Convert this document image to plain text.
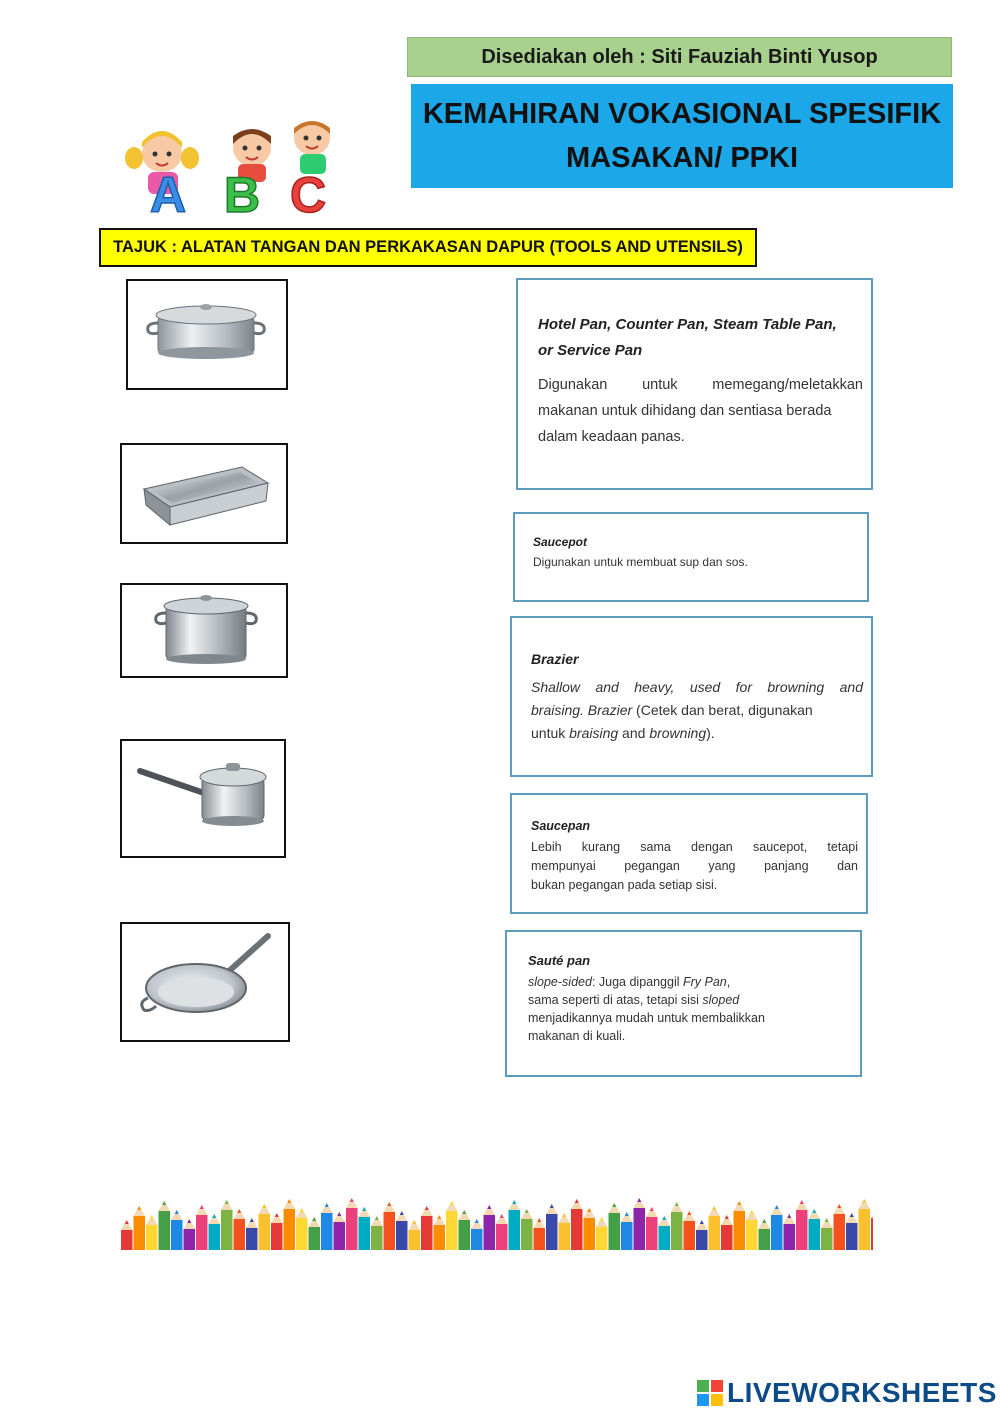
Disediakan oleh : Siti Fauziah Binti Yusop
KEMAHIRAN VOKASIONAL SPESIFIK
MASAKAN/ PPKI
A B C
TAJUK : ALATAN TANGAN DAN PERKAKASAN DAPUR (TOOLS AND UTENSILS)

Hotel Pan, Counter Pan, Steam Table Pan,

or Service Pan

Digunakan untuk memegang/meletakkan

makanan untuk dihidang dan sentiasa berada

dalam keadaan panas.

Saucepot

Digunakan untuk membuat sup dan sos.

Brazier

Shallow and heavy, used for browning and

braising. Brazier (Cetek dan berat, digunakan

untuk braising and browning).

Saucepan

Lebih kurang sama dengan saucepot, tetapi

mempunyai pegangan yang panjang dan

bukan pegangan pada setiap sisi.

Sauté pan

slope-sided: Juga dipanggil Fry Pan,

sama seperti di atas, tetapi sisi sloped

menjadikannya mudah untuk membalikkan

makanan di kuali.

LIVEWORKSHEETS
